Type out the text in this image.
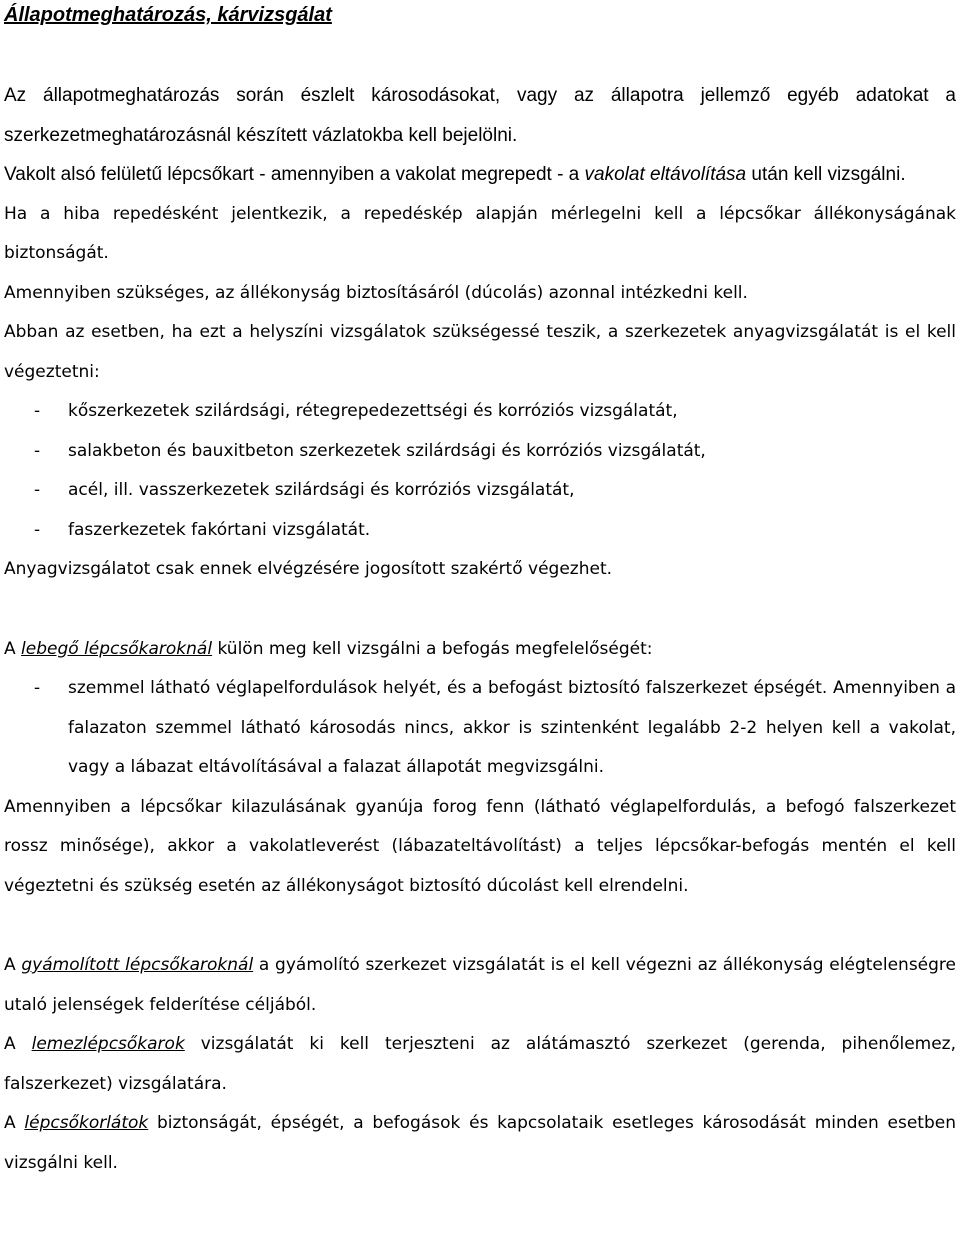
Állapotmeghatározás, kárvizsgálat

Az állapotmeghatározás során észlelt károsodásokat, vagy az állapotra jellemző egyéb adatokat a szerkezetmeghatározásnál készített vázlatokba kell bejelölni.

Vakolt alsó felületű lépcsőkart - amennyiben a vakolat megrepedt - a vakolat eltávolítása után kell vizsgálni.

Ha a hiba repedésként jelentkezik, a repedéskép alapján mérlegelni kell a lépcsőkar állékonyságának biztonságát.

Amennyiben szükséges, az állékonyság biztosításáról (dúcolás) azonnal intézkedni kell.

Abban az esetben, ha ezt a helyszíni vizsgálatok szükségessé teszik, a szerkezetek anyagvizsgálatát is el kell végeztetni:

- kőszerkezetek szilárdsági, rétegrepedezettségi és korróziós vizsgálatát,
- salakbeton és bauxitbeton szerkezetek szilárdsági és korróziós vizsgálatát,
- acél, ill. vasszerkezetek szilárdsági és korróziós vizsgálatát,
- faszerkezetek fakórtani vizsgálatát.

Anyagvizsgálatot csak ennek elvégzésére jogosított szakértő végezhet.

A lebegő lépcsőkaroknál külön meg kell vizsgálni a befogás megfelelőségét:

- szemmel látható véglapelfordulások helyét, és a befogást biztosító falszerkezet épségét. Amennyiben a falazaton szemmel látható károsodás nincs, akkor is szintenként legalább 2-2 helyen kell a vakolat, vagy a lábazat eltávolításával a falazat állapotát megvizsgálni.

Amennyiben a lépcsőkar kilazulásának gyanúja forog fenn (látható véglapelfordulás, a befogó falszerkezet rossz minősége), akkor a vakolatleverést (lábazateltávolítást) a teljes lépcsőkar-befogás mentén el kell végeztetni és szükség esetén az állékonyságot biztosító dúcolást kell elrendelni.

A gyámolított lépcsőkaroknál a gyámolító szerkezet vizsgálatát is el kell végezni az állékonyság elégtelenségre utaló jelenségek felderítése céljából.

A lemezlépcsőkarok vizsgálatát ki kell terjeszteni az alátámasztó szerkezet (gerenda, pihenőlemez, falszerkezet) vizsgálatára.

A lépcsőkorlátok biztonságát, épségét, a befogások és kapcsolataik esetleges károsodását minden esetben vizsgálni kell.
